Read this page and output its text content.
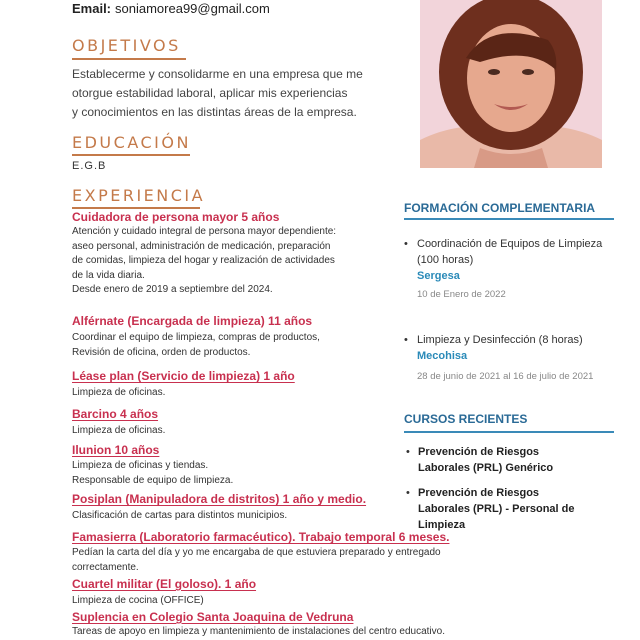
Email: soniamorea99@gmail.com
OBJETIVOS
Establecerme y consolidarme en una empresa que me
otorgue estabilidad laboral, aplicar mis experiencias
y conocimientos en las distintas áreas de la empresa.
EDUCACIÓN
E.G.B
EXPERIENCIA
Cuidadora de persona mayor 5 años
Atención y cuidado integral de persona mayor dependiente:
aseo personal, administración de medicación, preparación
de comidas, limpieza del hogar y realización de actividades
de la vida diaria.
Desde enero de 2019 a septiembre del 2024.
Alférnate (Encargada de limpieza) 11 años
Coordinar el equipo de limpieza, compras de productos,
Revisión de oficina, orden de productos.
Léase plan (Servicio de limpieza) 1 año
Limpieza de oficinas.
Barcino 4 años
Limpieza de oficinas.
Ilunion 10 años
Limpieza de oficinas y tiendas.
Responsable de equipo de limpieza.
Posiplan (Manipuladora de distritos) 1 año y medio.
Clasificación de cartas para distintos municipios.
Famasierra (Laboratorio farmacéutico). Trabajo temporal 6 meses.
Pedían la carta del día y yo me encargaba de que estuviera preparado y entregado
correctamente.
Cuartel militar (El goloso). 1 año
Limpieza de cocina (OFFICE)
Suplencia en Colegio Santa Joaquina de Vedruna
Tareas de apoyo en limpieza y mantenimiento de instalaciones del centro educativo.
FORMACIÓN COMPLEMENTARIA
• Coordinación de Equipos de Limpieza
(100 horas)
Sergesa
10 de Enero de 2022
• Limpieza y Desinfección (8 horas)
Mecohisa
28 de junio de 2021 al 16 de julio de 2021
CURSOS RECIENTES
• Prevención de Riesgos
Laborales (PRL) Genérico
• Prevención de Riesgos
Laborales (PRL) - Personal de
Limpieza
